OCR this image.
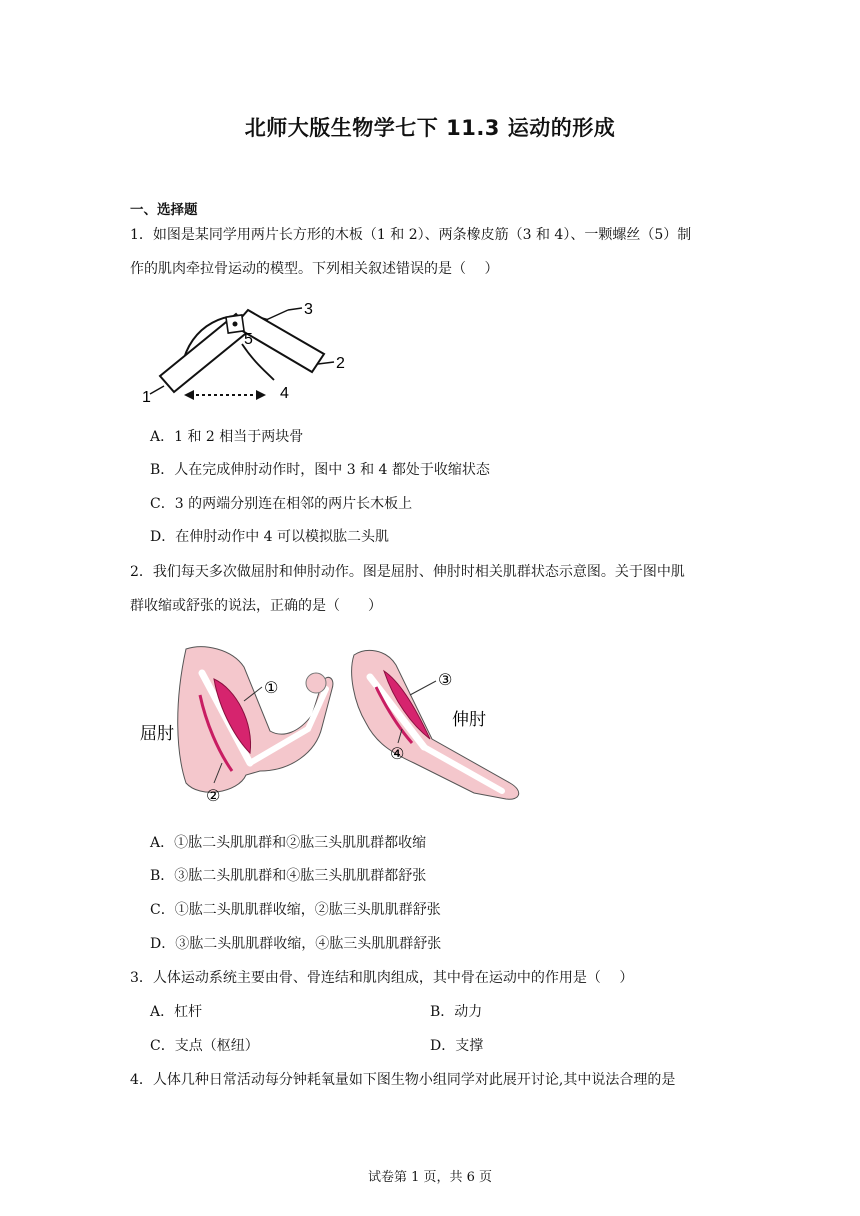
北师大版生物学七下 11.3 运动的形成
一、选择题
1．如图是某同学用两片长方形的木板（1 和 2）、两条橡皮筋（3 和 4）、一颗螺丝（5）制
作的肌肉牵拉骨运动的模型。下列相关叙述错误的是（　 ）
3
2
1	4
5
A．1 和 2 相当于两块骨
B．人在完成伸肘动作时，图中 3 和 4 都处于收缩状态
C．3 的两端分别连在相邻的两片长木板上
D．在伸肘动作中 4 可以模拟肱二头肌
2．我们每天多次做屈肘和伸肘动作。图是屈肘、伸肘时相关肌群状态示意图。关于图中肌
群收缩或舒张的说法，正确的是（　　）
①
②
屈肘
③
④
伸肘
A．①肱二头肌肌群和②肱三头肌肌群都收缩
B．③肱二头肌肌群和④肱三头肌肌群都舒张
C．①肱二头肌肌群收缩，②肱三头肌肌群舒张
D．③肱二头肌肌群收缩，④肱三头肌肌群舒张
3．人体运动系统主要由骨、骨连结和肌肉组成，其中骨在运动中的作用是（　 ）
A．杠杆	B．动力
C．支点（枢纽）	D．支撑
4．人体几种日常活动每分钟耗氧量如下图生物小组同学对此展开讨论,其中说法合理的是
试卷第 1 页，共 6 页
